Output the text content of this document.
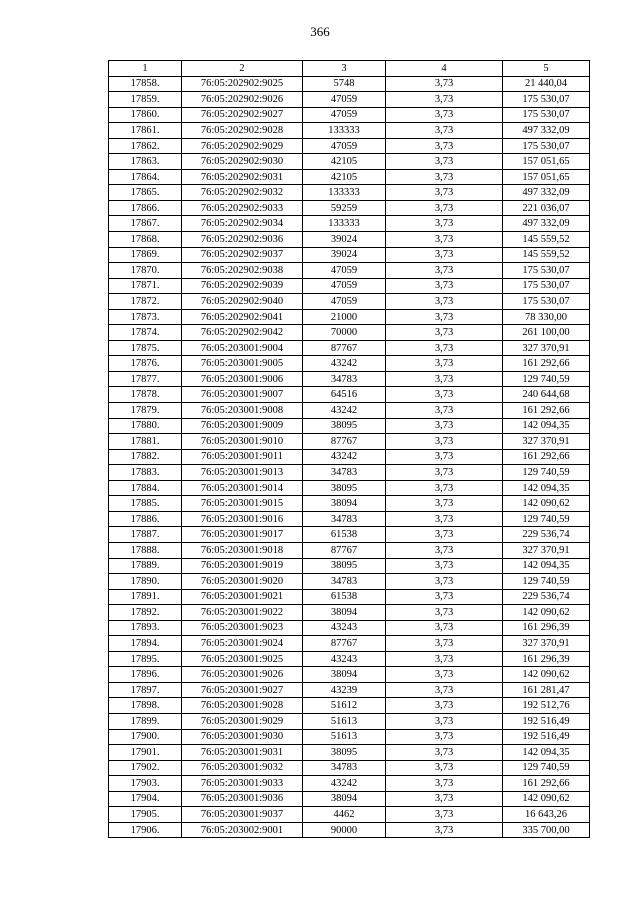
366
1	2	3	4	5
17858.	76:05:202902:9025	5748	3,73	21 440,04
17859.	76:05:202902:9026	47059	3,73	175 530,07
17860.	76:05:202902:9027	47059	3,73	175 530,07
17861.	76:05:202902:9028	133333	3,73	497 332,09
17862.	76:05:202902:9029	47059	3,73	175 530,07
17863.	76:05:202902:9030	42105	3,73	157 051,65
17864.	76:05:202902:9031	42105	3,73	157 051,65
17865.	76:05:202902:9032	133333	3,73	497 332,09
17866.	76:05:202902:9033	59259	3,73	221 036,07
17867.	76:05:202902:9034	133333	3,73	497 332,09
17868.	76:05:202902:9036	39024	3,73	145 559,52
17869.	76:05:202902:9037	39024	3,73	145 559,52
17870.	76:05:202902:9038	47059	3,73	175 530,07
17871.	76:05:202902:9039	47059	3,73	175 530,07
17872.	76:05:202902:9040	47059	3,73	175 530,07
17873.	76:05:202902:9041	21000	3,73	78 330,00
17874.	76:05:202902:9042	70000	3,73	261 100,00
17875.	76:05:203001:9004	87767	3,73	327 370,91
17876.	76:05:203001:9005	43242	3,73	161 292,66
17877.	76:05:203001:9006	34783	3,73	129 740,59
17878.	76:05:203001:9007	64516	3,73	240 644,68
17879.	76:05:203001:9008	43242	3,73	161 292,66
17880.	76:05:203001:9009	38095	3,73	142 094,35
17881.	76:05:203001:9010	87767	3,73	327 370,91
17882.	76:05:203001:9011	43242	3,73	161 292,66
17883.	76:05:203001:9013	34783	3,73	129 740,59
17884.	76:05:203001:9014	38095	3,73	142 094,35
17885.	76:05:203001:9015	38094	3,73	142 090,62
17886.	76:05:203001:9016	34783	3,73	129 740,59
17887.	76:05:203001:9017	61538	3,73	229 536,74
17888.	76:05:203001:9018	87767	3,73	327 370,91
17889.	76:05:203001:9019	38095	3,73	142 094,35
17890.	76:05:203001:9020	34783	3,73	129 740,59
17891.	76:05:203001:9021	61538	3,73	229 536,74
17892.	76:05:203001:9022	38094	3,73	142 090,62
17893.	76:05:203001:9023	43243	3,73	161 296,39
17894.	76:05:203001:9024	87767	3,73	327 370,91
17895.	76:05:203001:9025	43243	3,73	161 296,39
17896.	76:05:203001:9026	38094	3,73	142 090,62
17897.	76:05:203001:9027	43239	3,73	161 281,47
17898.	76:05:203001:9028	51612	3,73	192 512,76
17899.	76:05:203001:9029	51613	3,73	192 516,49
17900.	76:05:203001:9030	51613	3,73	192 516,49
17901.	76:05:203001:9031	38095	3,73	142 094,35
17902.	76:05:203001:9032	34783	3,73	129 740,59
17903.	76:05:203001:9033	43242	3,73	161 292,66
17904.	76:05:203001:9036	38094	3,73	142 090,62
17905.	76:05:203001:9037	4462	3,73	16 643,26
17906.	76:05:203002:9001	90000	3,73	335 700,00
